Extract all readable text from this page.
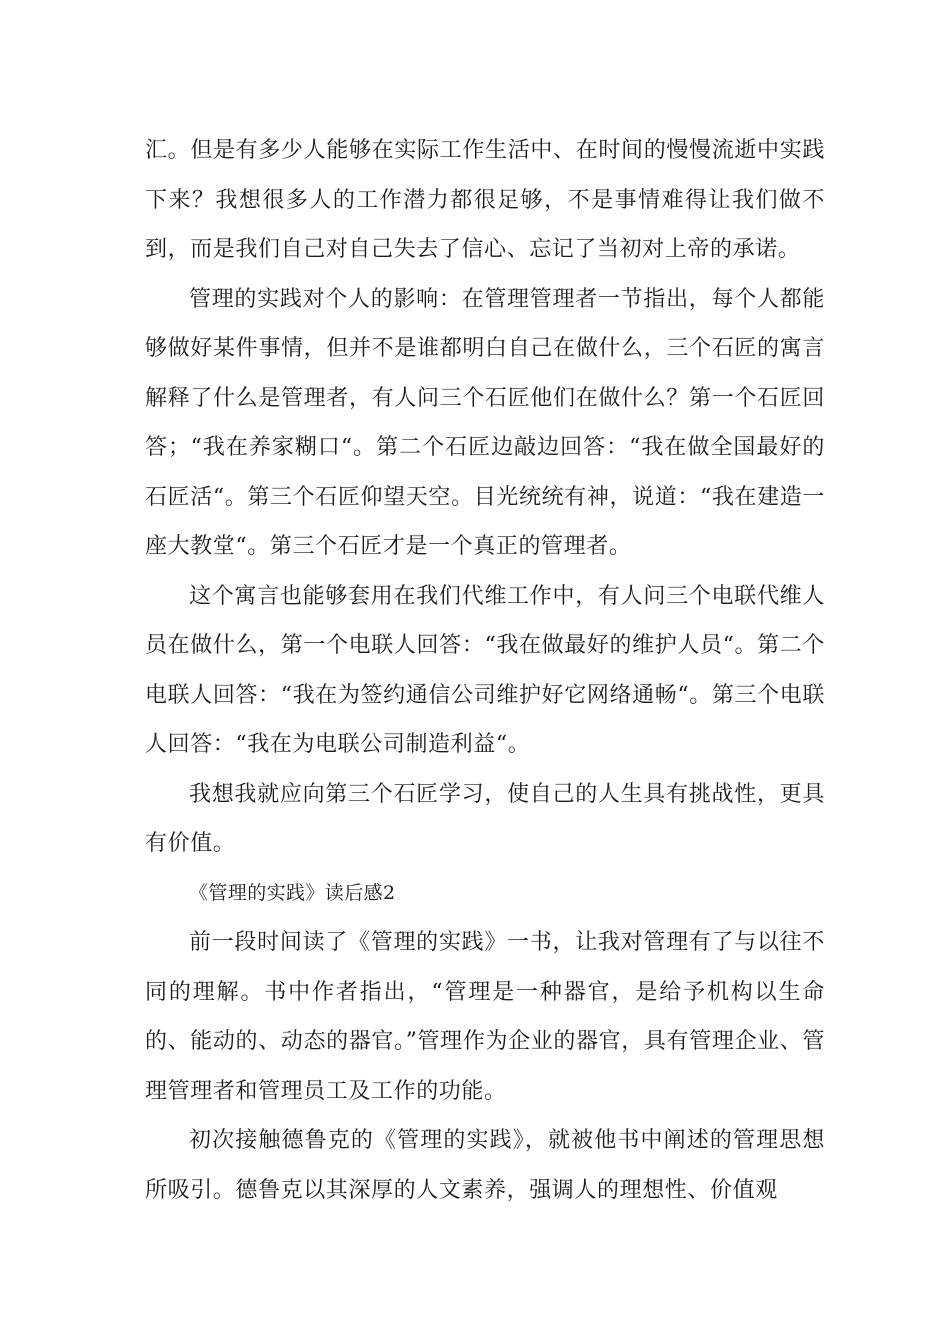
汇。但是有多少人能够在实际工作生活中、在时间的慢慢流逝中实践下来？我想很多人的工作潜力都很足够，不是事情难得让我们做不到，而是我们自己对自己失去了信心、忘记了当初对上帝的承诺。

管理的实践对个人的影响：在管理管理者一节指出，每个人都能够做好某件事情，但并不是谁都明白自己在做什么，三个石匠的寓言解释了什么是管理者，有人问三个石匠他们在做什么？第一个石匠回答；“我在养家糊口“。第二个石匠边敲边回答：“我在做全国最好的石匠活“。第三个石匠仰望天空。目光统统有神，说道：“我在建造一座大教堂“。第三个石匠才是一个真正的管理者。

这个寓言也能够套用在我们代维工作中，有人问三个电联代维人员在做什么，第一个电联人回答：“我在做最好的维护人员“。第二个电联人回答：“我在为签约通信公司维护好它网络通畅“。第三个电联人回答：“我在为电联公司制造利益“。

我想我就应向第三个石匠学习，使自己的人生具有挑战性，更具有价值。

《管理的实践》读后感2

前一段时间读了《管理的实践》一书，让我对管理有了与以往不同的理解。书中作者指出，“管理是一种器官，是给予机构以生命的、能动的、动态的器官。”管理作为企业的器官，具有管理企业、管理管理者和管理员工及工作的功能。

初次接触德鲁克的《管理的实践》，就被他书中阐述的管理思想所吸引。德鲁克以其深厚的人文素养，强调人的理想性、价值观
